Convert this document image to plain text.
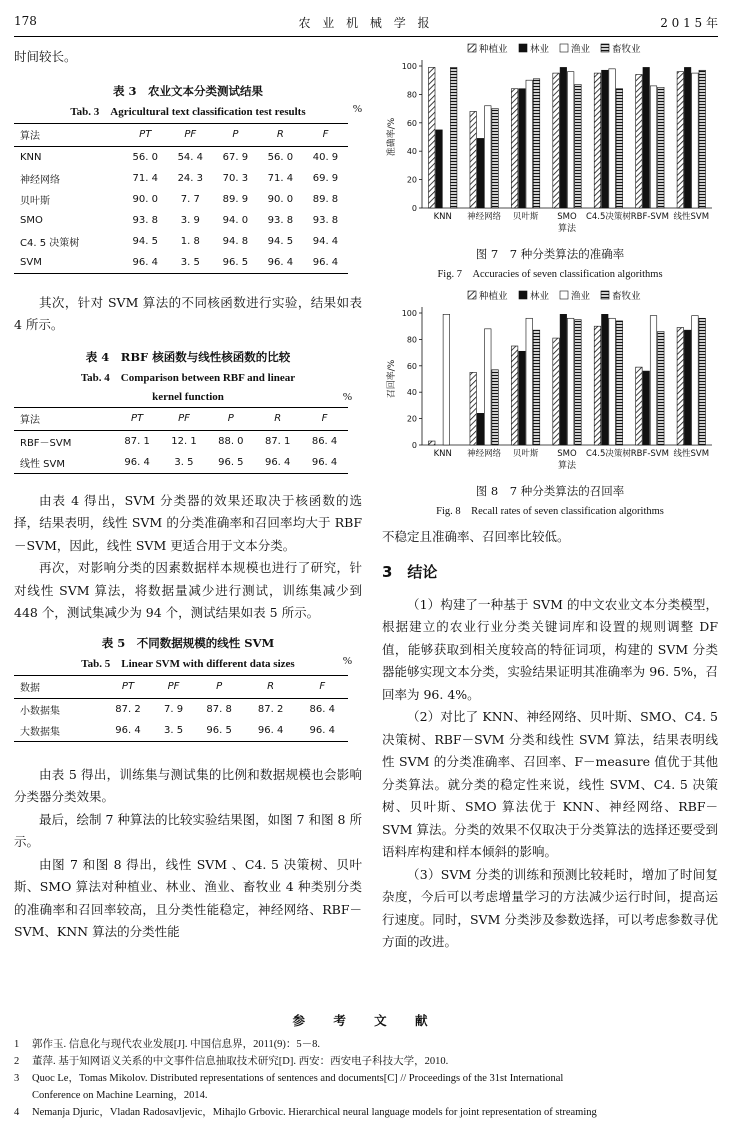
178	农 业 机 械 学 报	2 0 1 5 年
时间较长。
表 3　农业文本分类测试结果
Tab. 3　Agricultural text classification test results	%
算法	PT	PF	P	R	F
KNN	56. 0	54. 4	67. 9	56. 0	40. 9
神经网络	71. 4	24. 3	70. 3	71. 4	69. 9
贝叶斯	90. 0	7. 7	89. 9	90. 0	89. 8
SMO	93. 8	3. 9	94. 0	93. 8	93. 8
C4. 5 决策树	94. 5	1. 8	94. 8	94. 5	94. 4
SVM	96. 4	3. 5	96. 5	96. 4	96. 4
其次，针对 SVM 算法的不同核函数进行实验，结果如表 4 所示。
表 4　RBF 核函数与线性核函数的比较
Tab. 4　Comparison between RBF and linear
kernel function	%
算法	PT	PF	P	R	F
RBF－SVM	87. 1	12. 1	88. 0	87. 1	86. 4
线性 SVM	96. 4	3. 5	96. 5	96. 4	96. 4
由表 4 得出，SVM 分类器的效果还取决于核函数的选择，结果表明，线性 SVM 的分类准确率和召回率均大于 RBF－SVM，因此，线性 SVM 更适合用于文本分类。
再次，对影响分类的因素数据样本规模也进行了研究，针对线性 SVM 算法，将数据量减少进行测试，训练集减少到 448 个，测试集减少为 94 个，测试结果如表 5 所示。
表 5　不同数据规模的线性 SVM
Tab. 5　Linear SVM with different data sizes	%
数据	PT	PF	P	R	F
小数据集	87. 2	7. 9	87. 8	87. 2	86. 4
大数据集	96. 4	3. 5	96. 5	96. 4	96. 4
由表 5 得出，训练集与测试集的比例和数据规模也会影响分类器分类效果。
最后，绘制 7 种算法的比较实验结果图，如图 7 和图 8 所示。
由图 7 和图 8 得出，线性 SVM 、C4. 5 决策树、贝叶斯、SMO 算法对种植业、林业、渔业、畜牧业 4 种类别分类的准确率和召回率较高，且分类性能稳定，神经网络、RBF－SVM、KNN 算法的分类性能
种植业 林业 渔业 畜牧业
0
20
40
60
80
100
准确率/%
KNN 神经网络 贝叶斯 SMO C4.5决策树 RBF-SVM 线性SVM
算法
图 7　7 种分类算法的准确率
Fig. 7　Accuracies of seven classification algorithms
种植业 林业 渔业 畜牧业
0
20
40
60
80
100
召回率/%
KNN 神经网络 贝叶斯 SMO C4.5决策树 RBF-SVM 线性SVM
算法
图 8　7 种分类算法的召回率
Fig. 8　Recall rates of seven classification algorithms
不稳定且准确率、召回率比较低。
3　结论
（1）构建了一种基于 SVM 的中文农业文本分类模型，根据建立的农业行业分类关键词库和设置的规则调整 DF 值，能够获取到相关度较高的特征词项，构建的 SVM 分类器能够实现文本分类，实验结果证明其准确率为 96. 5%，召回率为 96. 4%。
（2）对比了 KNN、神经网络、贝叶斯、SMO、C4. 5 决策树、RBF－SVM 分类和线性 SVM 算法，结果表明线性 SVM 的分类准确率、召回率、F－measure 值优于其他分类算法。就分类的稳定性来说，线性 SVM、C4. 5 决策树、贝叶斯、SMO 算法优于 KNN、神经网络、RBF－SVM 算法。分类的效果不仅取决于分类算法的选择还要受到语料库构建和样本倾斜的影响。
（3）SVM 分类的训练和预测比较耗时，增加了时间复杂度，今后可以考虑增量学习的方法减少运行时间，提高运行速度。同时，SVM 分类涉及参数选择，可以考虑参数寻优方面的改进。
参 考 文 献
1 郭作玉. 信息化与现代农业发展[J]. 中国信息界，2011(9)：5－8.
2 董萍. 基于知网语义关系的中文事件信息抽取技术研究[D]. 西安：西安电子科技大学，2010.
3 Quoc Le，Tomas Mikolov. Distributed representations of sentences and documents[C] // Proceedings of the 31st International
Conference on Machine Learning，2014.
4 Nemanja Djuric，Vladan Radosavljevic，Mihajlo Grbovic. Hierarchical neural language models for joint representation of streaming
